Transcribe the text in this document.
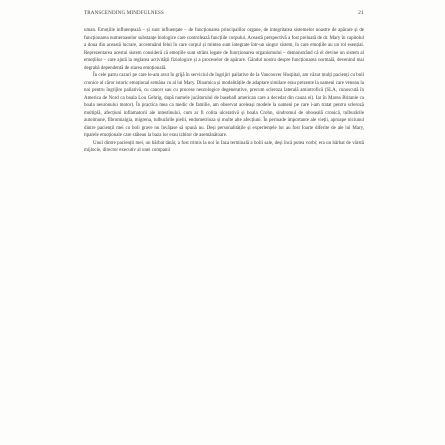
TRANSCENDING MINDFULNESS	21

uman. Emoțiile influențează – și sunt influențate – de funcționarea principalilor organe, de integritatea sistemelor noastre de apărare și de funcționarea numeroaselor substanțe biologice care controlează funcțiile corpului. Această perspectivă a fost preluată de dr. Mary în capitolul a doua din această lucrare, accentuând felul în care corpul și mintea sunt integrate într-un singur sistem, în care emoțiile au un rol esențial. Reprezentarea acestui sistem consideră că emoțiile sunt strâns legate de funcționarea organismului – demonstrând că el devine un sistem al emoțiilor – care ajută la reglarea activității fiziologice și a proceselor de apărare. Gândul nostru despre funcționarea normală, devenind mai degrabă dependentă de starea emoțională.

În cele patru cazuri pe care le-am avut în grijă în serviciul de îngrijiri paliative de la Vancouver Hospital, am văzut mulți pacienți cu boli cronice al căror istoric emoțional semăna cu al lui Mary. Dinamica și modalitățile de adaptare similare erau prezente la oameni care veneau la noi pentru îngrijire paliativă, cu cancer sau cu procese neurologice degenerative, precum scleroza laterală amiotrofică (SLA, cunoscută în America de Nord ca boala Lou Gehrig, după numele jucătorului de baseball american care a decedat din cauza ei). Iar în Marea Britanie ca boala neuronului motor). În practica mea ca medic de familie, am observat aceleași modele la oameni pe care i-am tratat pentru scleroză multiplă, afecțiuni inflamatorii ale intestinului, cum ar fi colita ulcerativă și boala Crohn, sindromul de oboseală cronică, tulburările autoimune, fibromialgia, migrena, tulburările pielii, endometrioza și multe alte afecțiuni. În perioade importante ale vieții, aproape niciunul dintre pacienții mei cu boli grave nu învățase să spună nu. Deși personalitățile și experiențele lor au fost foarte diferite de ale lui Mary, tiparele emoționale care stăteau la baza lor erau izbitor de asemănătoare.

Unul dintre pacienții mei, un bărbat tânăr, a fost trimis la noi în faza terminală a bolii sale, deși încă putea vorbi; era un bărbat de vârstă mijlocie, director executiv al unei companii
